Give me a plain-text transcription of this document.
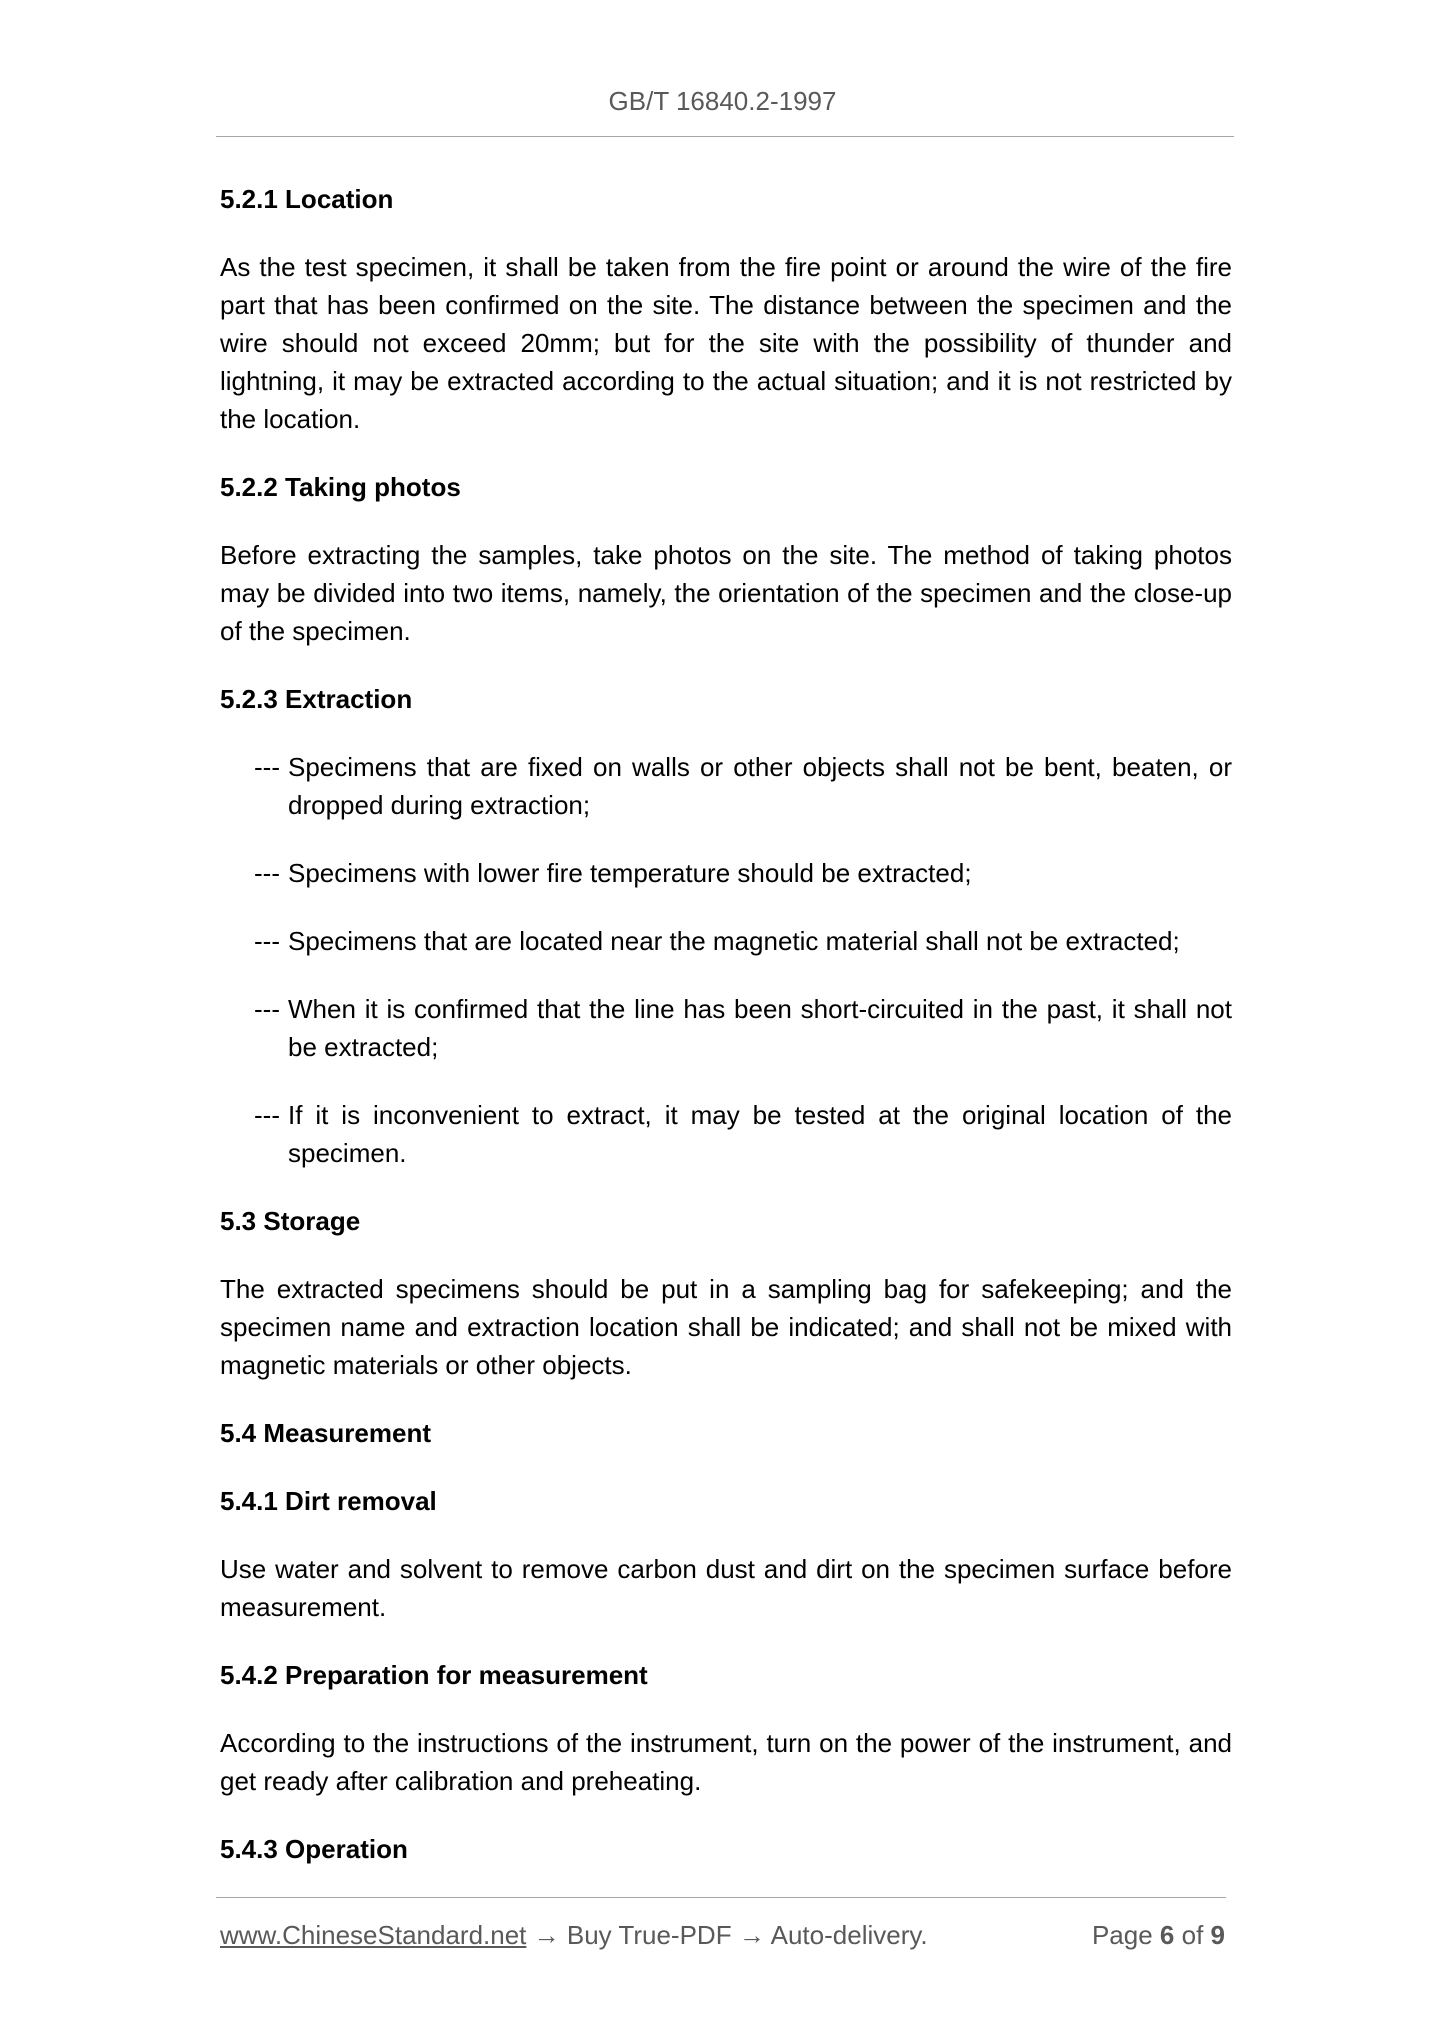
GB/T 16840.2-1997
5.2.1 Location

As the test specimen, it shall be taken from the fire point or around the wire of the fire part that has been confirmed on the site. The distance between the specimen and the wire should not exceed 20mm; but for the site with the possibility of thunder and lightning, it may be extracted according to the actual situation; and it is not restricted by the location.

5.2.2 Taking photos

Before extracting the samples, take photos on the site. The method of taking photos may be divided into two items, namely, the orientation of the specimen and the close-up of the specimen.

5.2.3 Extraction
--- Specimens that are fixed on walls or other objects shall not be bent, beaten, or dropped during extraction;
--- Specimens with lower fire temperature should be extracted;
--- Specimens that are located near the magnetic material shall not be extracted;
--- When it is confirmed that the line has been short-circuited in the past, it shall not be extracted;
--- If it is inconvenient to extract, it may be tested at the original location of the specimen.
5.3 Storage

The extracted specimens should be put in a sampling bag for safekeeping; and the specimen name and extraction location shall be indicated; and shall not be mixed with magnetic materials or other objects.

5.4 Measurement
5.4.1 Dirt removal

Use water and solvent to remove carbon dust and dirt on the specimen surface before measurement.

5.4.2 Preparation for measurement

According to the instructions of the instrument, turn on the power of the instrument, and get ready after calibration and preheating.

5.4.3 Operation
www.ChineseStandard.net → Buy True-PDF → Auto-delivery.	Page 6 of 9
